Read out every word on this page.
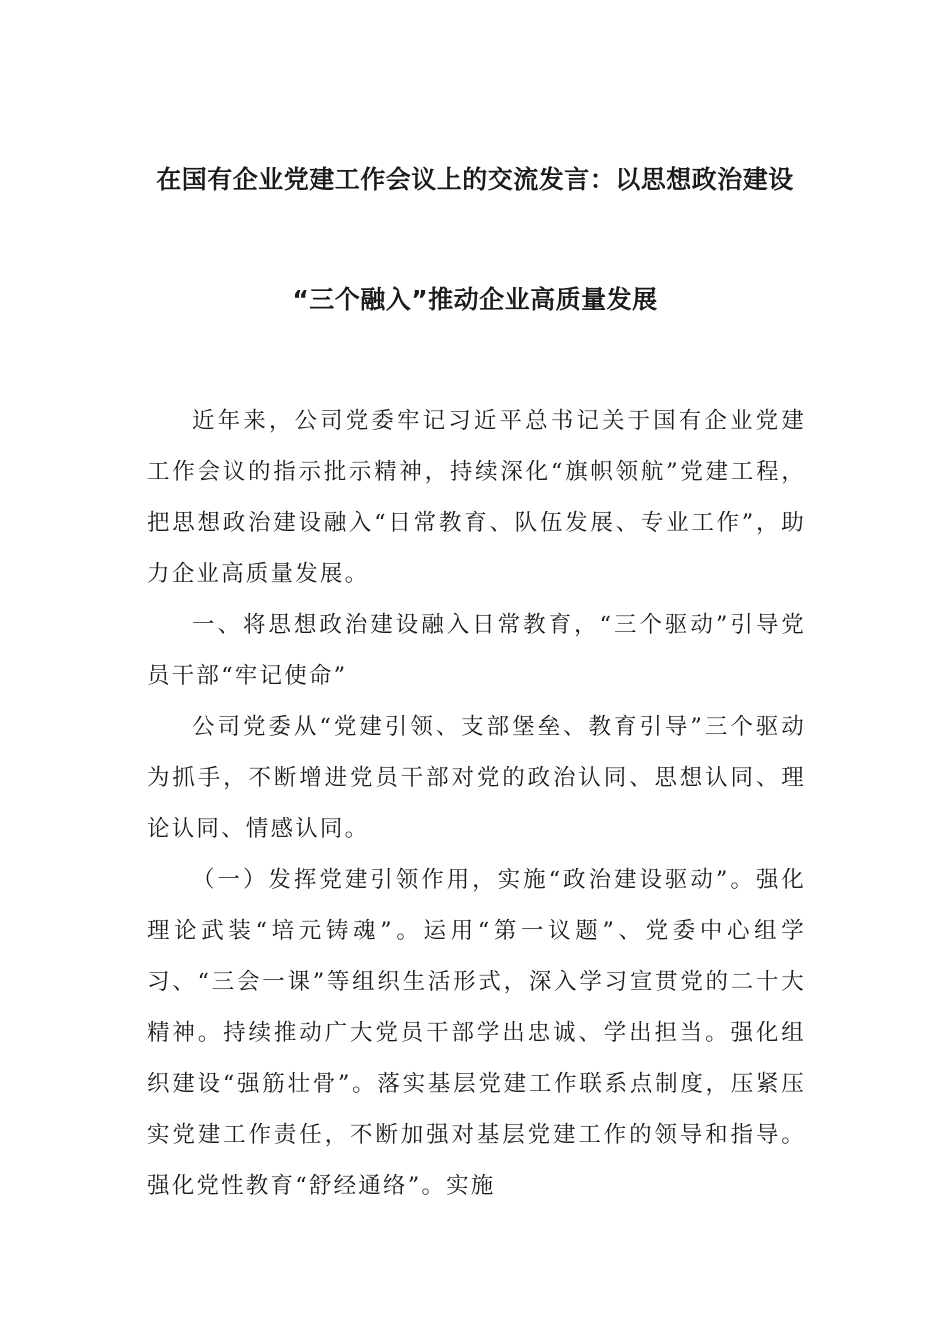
在国有企业党建工作会议上的交流发言：以思想政治建设
“三个融入”推动企业高质量发展

近年来，公司党委牢记习近平总书记关于国有企业党建工作会议的指示批示精神，持续深化“旗帜领航”党建工程，把思想政治建设融入“日常教育、队伍发展、专业工作”，助力企业高质量发展。

一、将思想政治建设融入日常教育，“三个驱动”引导党员干部“牢记使命”

公司党委从“党建引领、支部堡垒、教育引导”三个驱动为抓手，不断增进党员干部对党的政治认同、思想认同、理论认同、情感认同。

（一）发挥党建引领作用，实施“政治建设驱动”。强化理论武装“培元铸魂”。运用“第一议题”、党委中心组学习、“三会一课”等组织生活形式，深入学习宣贯党的二十大精神。持续推动广大党员干部学出忠诚、学出担当。强化组织建设“强筋壮骨”。落实基层党建工作联系点制度，压紧压实党建工作责任，不断加强对基层党建工作的领导和指导。强化党性教育“舒经通络”。实施
